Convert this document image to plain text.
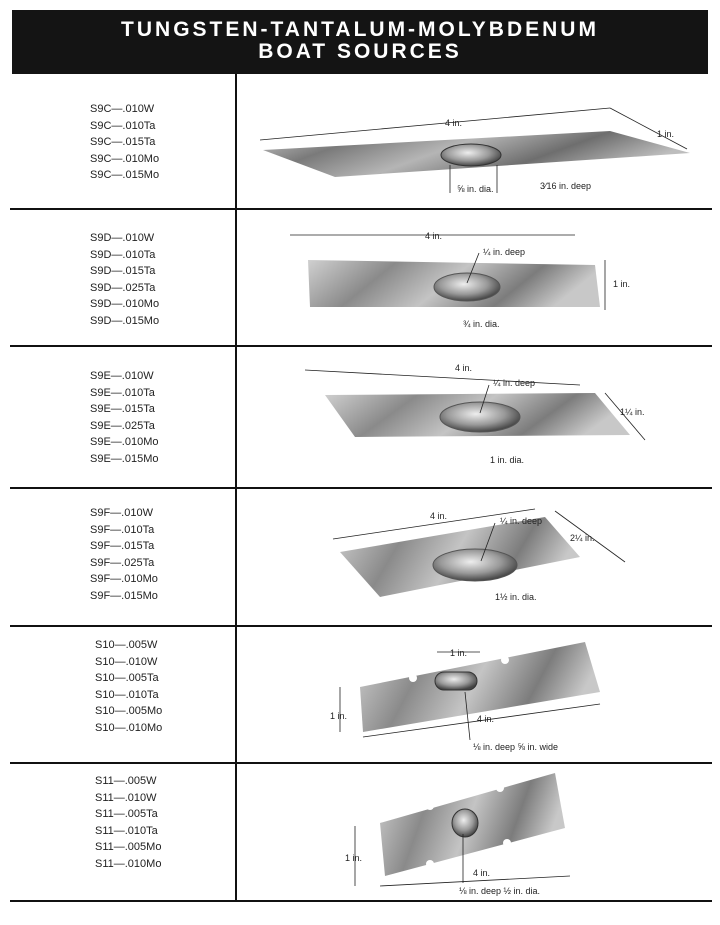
TUNGSTEN-TANTALUM-MOLYBDENUM
BOAT SOURCES
S9C—.010W
S9C—.010Ta
S9C—.015Ta
S9C—.010Mo
S9C—.015Mo
4 in.
1 in.
⅝ in. dia.	3⁄16 in. deep
S9D—.010W
S9D—.010Ta
S9D—.015Ta
S9D—.025Ta
S9D—.010Mo
S9D—.015Mo
4 in.
1 in.
¼ in. deep
¾ in. dia.
S9E—.010W
S9E—.010Ta
S9E—.015Ta
S9E—.025Ta
S9E—.010Mo
S9E—.015Mo
4 in.
1¼ in.
¼ in. deep
1 in. dia.
S9F—.010W
S9F—.010Ta
S9F—.015Ta
S9F—.025Ta
S9F—.010Mo
S9F—.015Mo
4 in.
2¼ in.
¼ in. deep
1½ in. dia.
S10—.005W
S10—.010W
S10—.005Ta
S10—.010Ta
S10—.005Mo
S10—.010Mo
1 in.
1 in.	4 in.
⅛ in. deep ⅝ in. wide
S11—.005W
S11—.010W
S11—.005Ta
S11—.010Ta
S11—.005Mo
S11—.010Mo	1 in.
4 in.
⅛ in. deep ½ in. dia.
